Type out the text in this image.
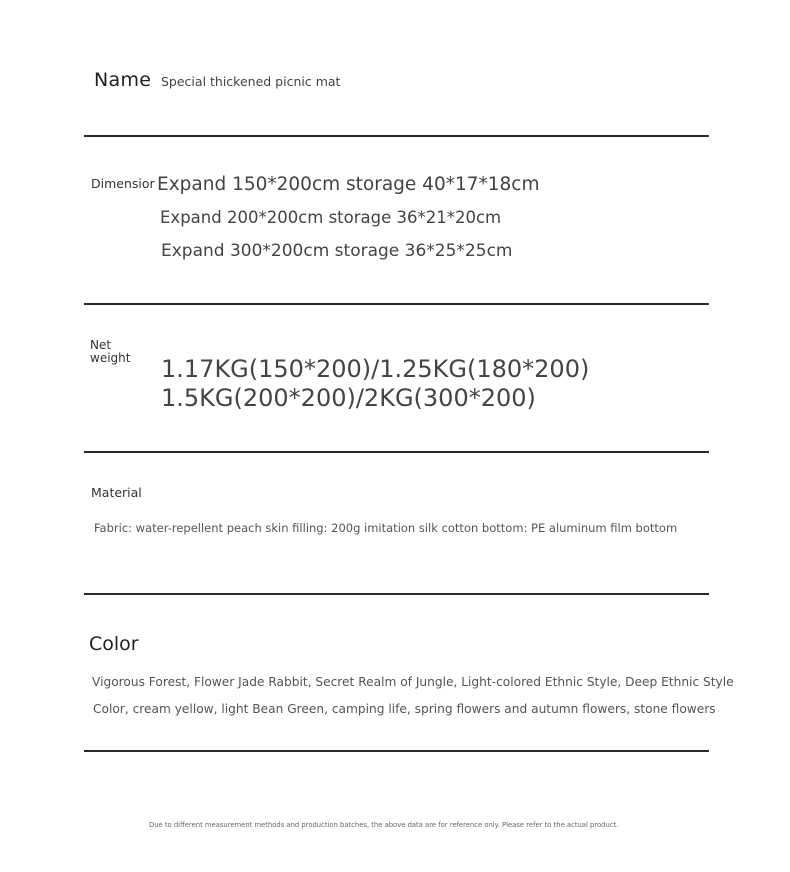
Name Special thickened picnic mat
Dimensior Expand 150*200cm storage 40*17*18cm
Expand 200*200cm storage 36*21*20cm
Expand 300*200cm storage 36*25*25cm
Net weight	1.17KG(150*200)/1.25KG(180*200)
1.5KG(200*200)/2KG(300*200)
Material
Fabric: water-repellent peach skin filling: 200g imitation silk cotton bottom: PE aluminum film bottom
Color
Vigorous Forest, Flower Jade Rabbit, Secret Realm of Jungle, Light-colored Ethnic Style, Deep Ethnic Style
Color, cream yellow, light Bean Green, camping life, spring flowers and autumn flowers, stone flowers
Due to different measurement methods and production batches, the above data are for reference only. Please refer to the actual product.
